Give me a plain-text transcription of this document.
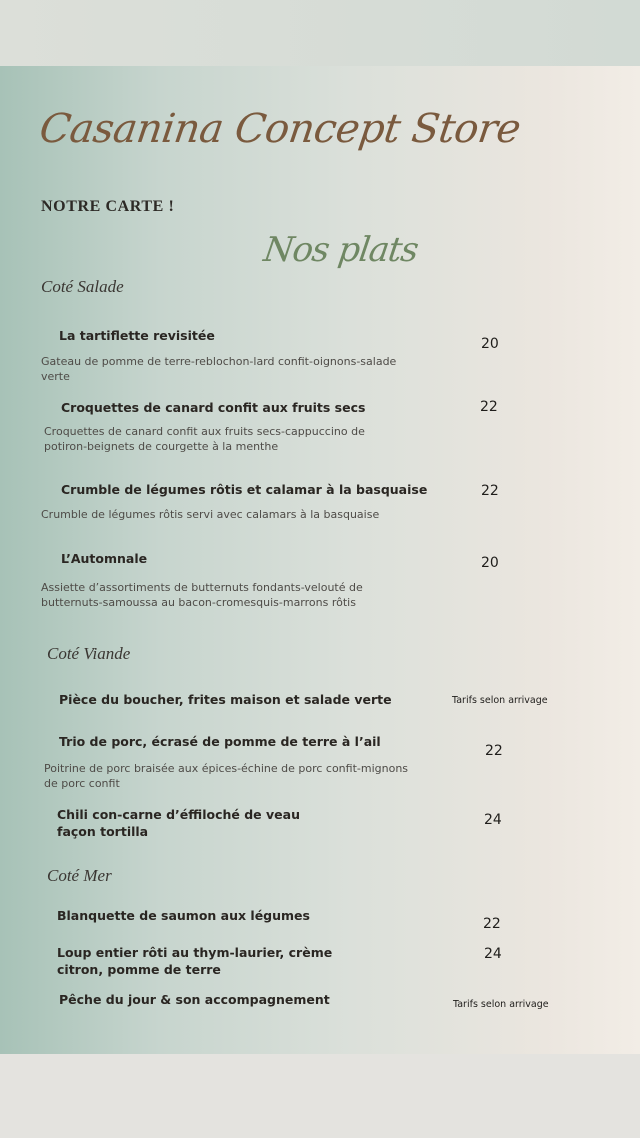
Casanina Concept Store
NOTRE CARTE !
Nos plats
Coté Salade
La tartiflette revisitée
Gateau de pomme de terre-reblochon-lard confit-oignons-salade verte
20
Croquettes de canard confit aux fruits secs
Croquettes de canard confit aux fruits secs-cappuccino de potiron-beignets de courgette à la menthe
22
Crumble de légumes rôtis et calamar à la basquaise
Crumble de légumes rôtis servi avec calamars à la basquaise
22
L’Automnale
Assiette d’assortiments de butternuts fondants-velouté de butternuts-samoussa au bacon-cromesquis-marrons rôtis
20
Coté Viande
Pièce du boucher, frites maison et salade verte	Tarifs selon arrivage
Trio de porc, écrasé de pomme de terre à l’ail
Poitrine de porc braisée aux épices-échine de porc confit-mignons de porc confit
22
Chili con-carne d’éffiloché de veau façon tortilla
24
Coté Mer
Blanquette de saumon aux légumes
22
Loup entier rôti au thym-laurier, crème citron, pomme de terre
24
Pêche du jour & son accompagnement	Tarifs selon arrivage
